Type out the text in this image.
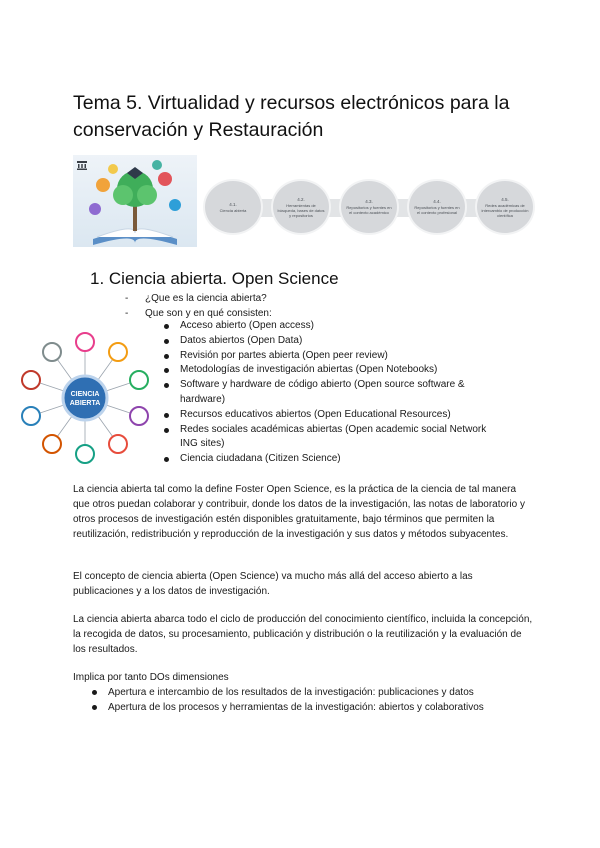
Tema 5. Virtualidad y recursos electrónicos para la conservación y Restauración
4.1.
Ciencia abierta
4.2.
Herramientas de búsqueda, bases de datos y repositorios
4.3.
Repositorios y fuentes en el contexto académico
4.4.
Repositorios y fuentes en el contexto profesional
4.5.
Redes académicas de intercambio de producción científica
1. Ciencia abierta. Open Science
- ¿Que es la ciencia abierta?
- Que son y en qué consisten:
CIENCIA
ABIERTA
Acceso abierto (Open access)
Datos abiertos (Open Data)
Revisión por partes abierta (Open peer review)
Metodologías de investigación abiertas (Open Notebooks)
Software y hardware de código abierto (Open source software & hardware)
Recursos educativos abiertos (Open Educational Resources)
Redes sociales académicas abiertas (Open academic social Network ING sites)
Ciencia ciudadana (Citizen Science)

La ciencia abierta tal como la define Foster Open Science, es la práctica de la ciencia de tal manera que otros puedan colaborar y contribuir, donde los datos de la investigación, las notas de laboratorio y otros procesos de investigación estén disponibles gratuitamente, bajo términos que permiten la reutilización, redistribución y reproducción de la investigación y sus datos y métodos subyacentes.

El concepto de ciencia abierta (Open Science) va mucho más allá del acceso abierto a las publicaciones y a los datos de investigación.

La ciencia abierta abarca todo el ciclo de producción del conocimiento científico, incluida la concepción, la recogida de datos, su procesamiento, publicación y distribución o la reutilización y la evaluación de los resultados.

Implica por tanto DOs dimensiones

Apertura e intercambio de los resultados de la investigación: publicaciones y datos
Apertura de los procesos y herramientas de la investigación: abiertos y colaborativos
